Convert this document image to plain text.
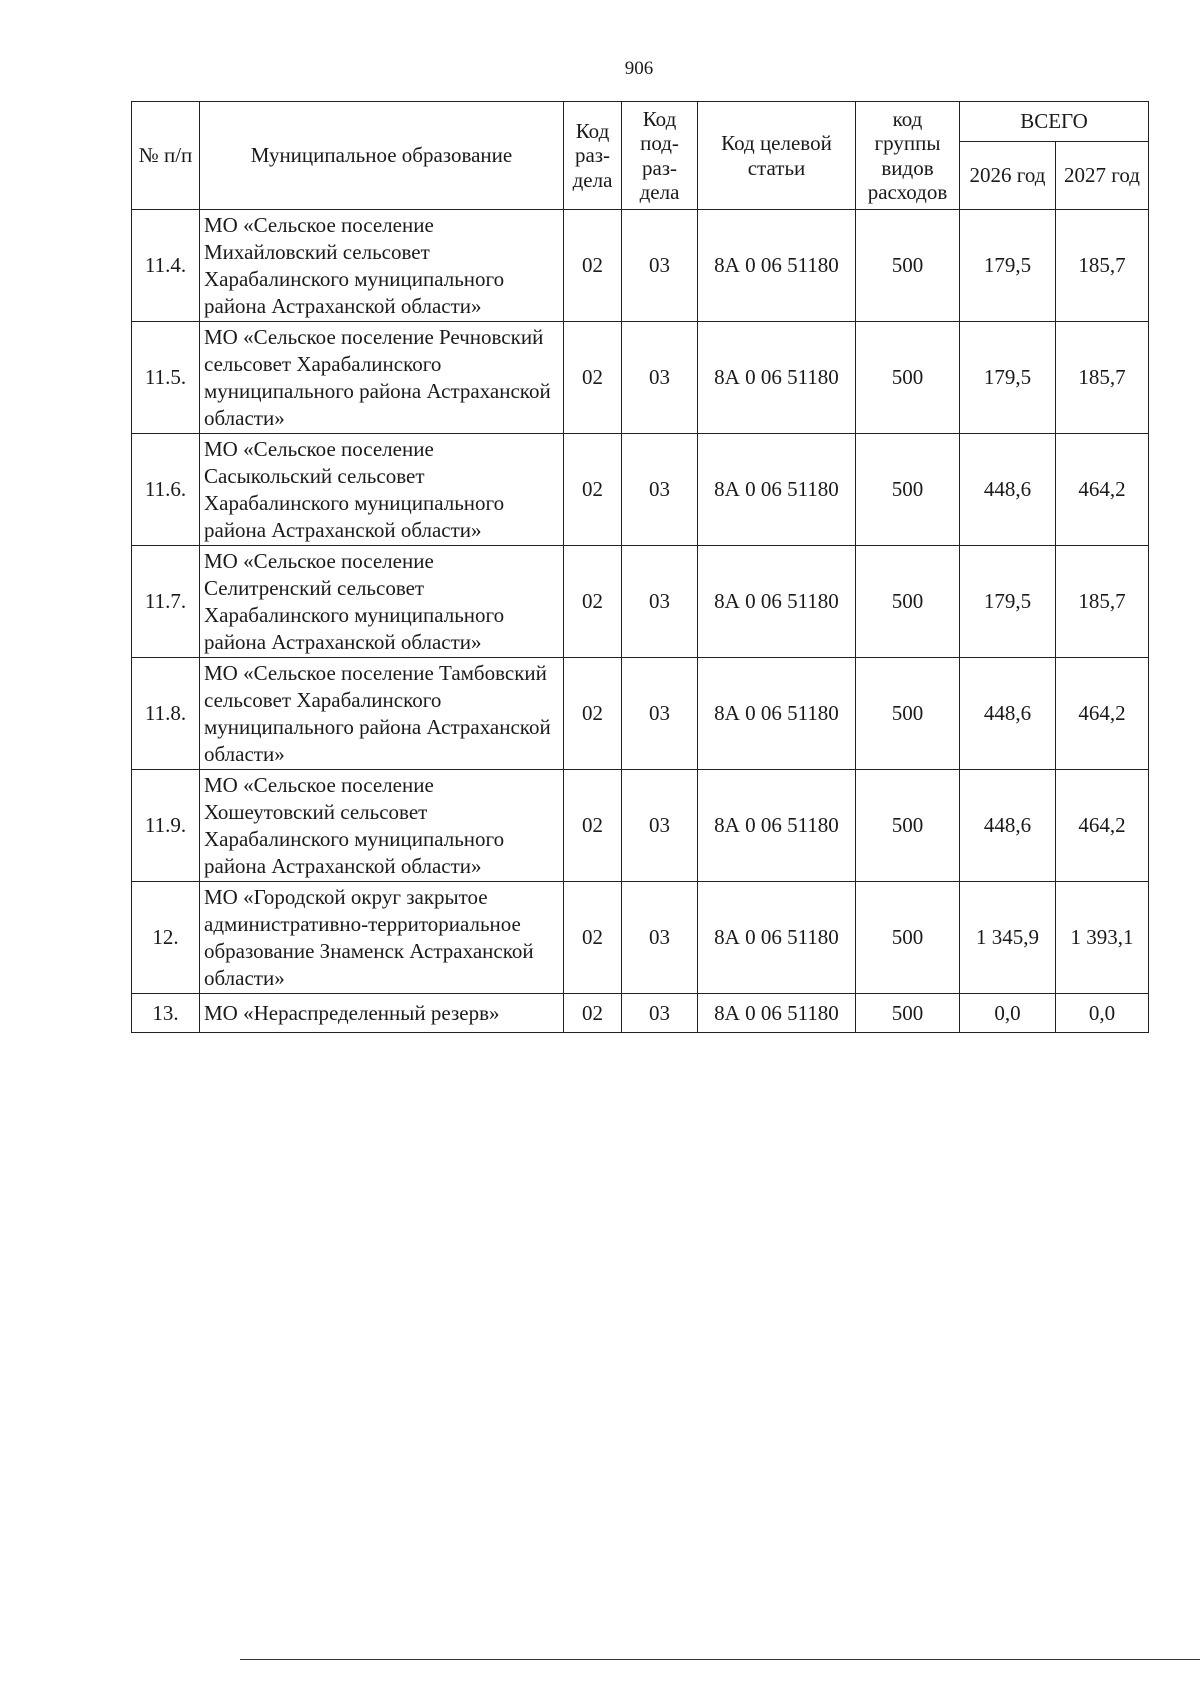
906
№ п/п	Муниципальное образование	Код раз-дела	Код под-раз-дела	Код целевой статьи	код группы видов расходов	ВСЕГО	
						2026 год	2027 год
11.4.	МО «Сельское поселение Михайловский сельсовет Харабалинского муниципального района Астраханской области»	02	03	8А 0 06 51180	500	179,5	185,7
11.5.	МО «Сельское поселение Речновский сельсовет Харабалинского муниципального района Астраханской области»	02	03	8А 0 06 51180	500	179,5	185,7
11.6.	МО «Сельское поселение Сасыкольский сельсовет Харабалинского муниципального района Астраханской области»	02	03	8А 0 06 51180	500	448,6	464,2
11.7.	МО «Сельское поселение Селитренский сельсовет Харабалинского муниципального района Астраханской области»	02	03	8А 0 06 51180	500	179,5	185,7
11.8.	МО «Сельское поселение Тамбовский сельсовет Харабалинского муниципального района Астраханской области»	02	03	8А 0 06 51180	500	448,6	464,2
11.9.	МО «Сельское поселение Хошеутовский сельсовет Харабалинского муниципального района Астраханской области»	02	03	8А 0 06 51180	500	448,6	464,2
12.	МО «Городской округ закрытое административно-территориальное образование Знаменск Астраханской области»	02	03	8А 0 06 51180	500	1 345,9	1 393,1
13.	МО «Нераспределенный резерв»	02	03	8А 0 06 51180	500	0,0	0,0
